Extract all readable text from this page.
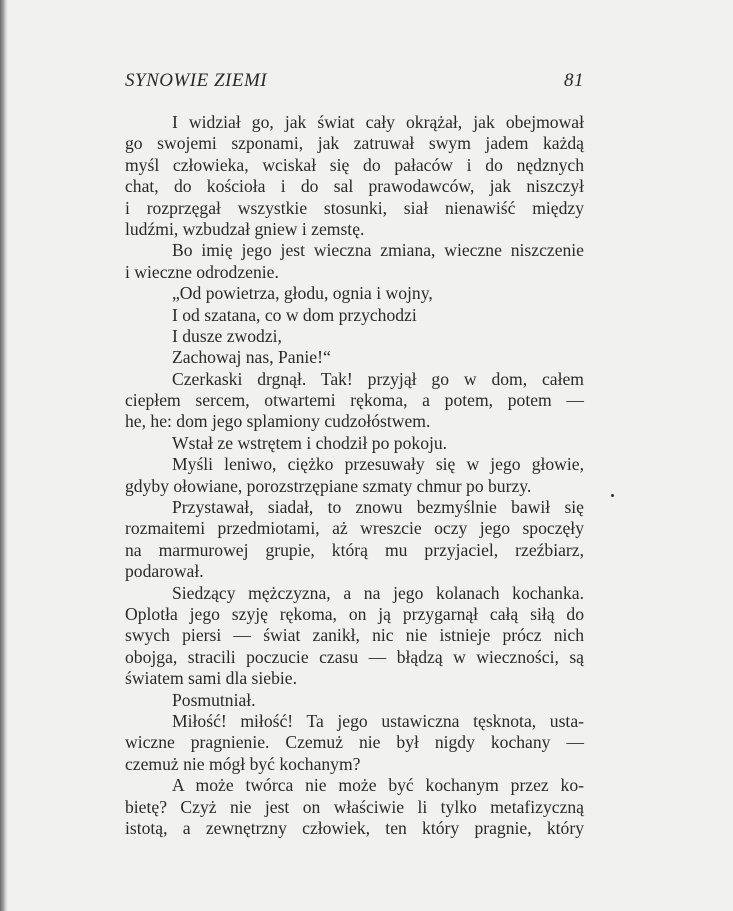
SYNOWIE ZIEMI	81
I widział go, jak świat cały okrążał, jak obejmował
go swojemi szponami, jak zatruwał swym jadem każdą
myśl człowieka, wciskał się do pałaców i do nędznych
chat, do kościoła i do sal prawodawców, jak niszczył
i rozprzęgał wszystkie stosunki, siał nienawiść między
ludźmi, wzbudzał gniew i zemstę.
Bo imię jego jest wieczna zmiana, wieczne niszczenie
i wieczne odrodzenie.
„Od powietrza, głodu, ognia i wojny,
I od szatana, co w dom przychodzi
I dusze zwodzi,
Zachowaj nas, Panie!“
Czerkaski drgnął. Tak! przyjął go w dom, całem
ciepłem sercem, otwartemi rękoma, a potem, potem —
he, he: dom jego splamiony cudzołóstwem.
Wstał ze wstrętem i chodził po pokoju.
Myśli leniwo, ciężko przesuwały się w jego głowie,
gdyby ołowiane, porozstrzępiane szmaty chmur po burzy.
Przystawał, siadał, to znowu bezmyślnie bawił się
rozmaitemi przedmiotami, aż wreszcie oczy jego spoczęły
na marmurowej grupie, którą mu przyjaciel, rzeźbiarz,
podarował.
Siedzący mężczyzna, a na jego kolanach kochanka.
Oplotła jego szyję rękoma, on ją przygarnął całą siłą do
swych piersi — świat zanikł, nic nie istnieje prócz nich
obojga, stracili poczucie czasu — błądzą w wieczności, są
światem sami dla siebie.
Posmutniał.
Miłość! miłość! Ta jego ustawiczna tęsknota, usta-
wiczne pragnienie. Czemuż nie był nigdy kochany —
czemuż nie mógł być kochanym?
A może twórca nie może być kochanym przez ko-
bietę? Czyż nie jest on właściwie li tylko metafizyczną
istotą, a zewnętrzny człowiek, ten który pragnie, który
